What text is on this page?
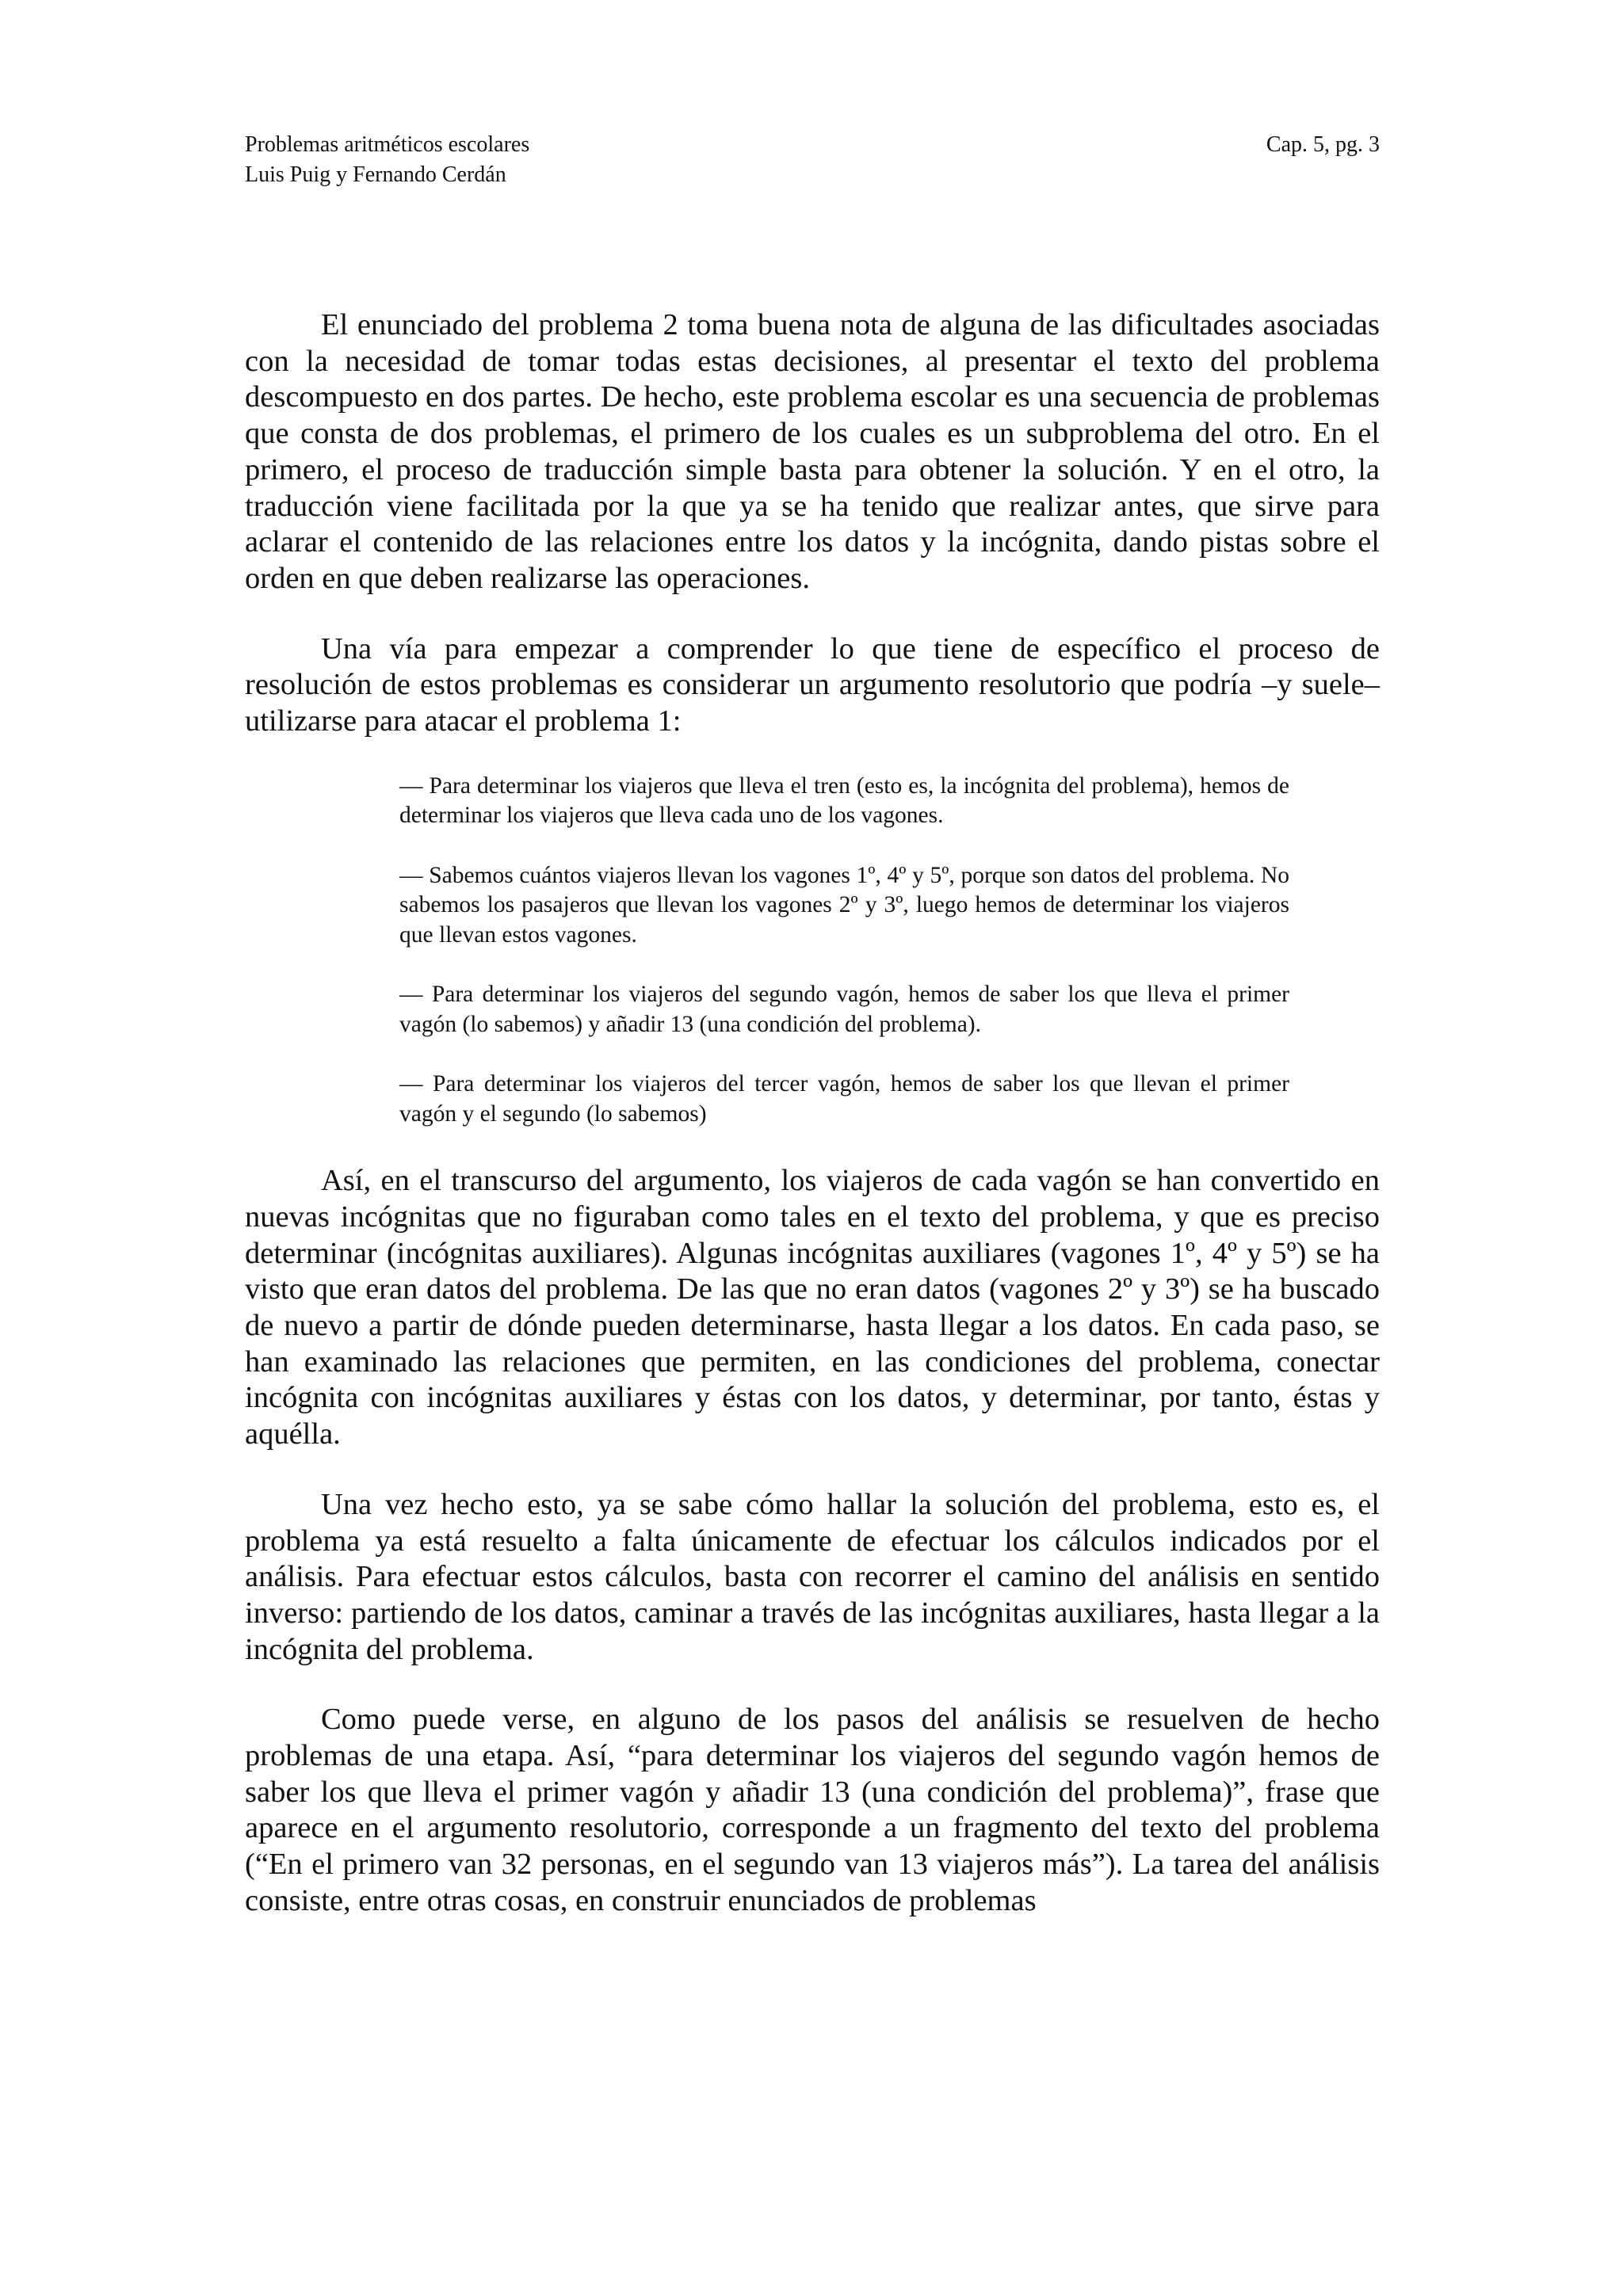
Problemas aritméticos escolares
Luis Puig y Fernando Cerdán
Cap. 5, pg. 3

El enunciado del problema 2 toma buena nota de alguna de las dificultades asociadas con la necesidad de tomar todas estas decisiones, al presentar el texto del problema descompuesto en dos partes. De hecho, este problema escolar es una secuencia de problemas que consta de dos problemas, el primero de los cuales es un subproblema del otro. En el primero, el proceso de traducción simple basta para obtener la solución. Y en el otro, la traducción viene facilitada por la que ya se ha tenido que realizar antes, que sirve para aclarar el contenido de las relaciones entre los datos y la incógnita, dando pistas sobre el orden en que deben realizarse las operaciones.

Una vía para empezar a comprender lo que tiene de específico el proceso de resolución de estos problemas es considerar un argumento resolutorio que podría –y suele– utilizarse para atacar el problema 1:

— Para determinar los viajeros que lleva el tren (esto es, la incógnita del problema), hemos de determinar los viajeros que lleva cada uno de los vagones.

— Sabemos cuántos viajeros llevan los vagones 1º, 4º y 5º, porque son datos del problema. No sabemos los pasajeros que llevan los vagones 2º y 3º, luego hemos de determinar los viajeros que llevan estos vagones.

— Para determinar los viajeros del segundo vagón, hemos de saber los que lleva el primer vagón (lo sabemos) y añadir 13 (una condición del problema).

— Para determinar los viajeros del tercer vagón, hemos de saber los que llevan el primer vagón y el segundo (lo sabemos)

Así, en el transcurso del argumento, los viajeros de cada vagón se han convertido en nuevas incógnitas que no figuraban como tales en el texto del problema, y que es preciso determinar (incógnitas auxiliares). Algunas incógnitas auxiliares (vagones 1º, 4º y 5º) se ha visto que eran datos del problema. De las que no eran datos (vagones 2º y 3º) se ha buscado de nuevo a partir de dónde pueden determinarse, hasta llegar a los datos. En cada paso, se han examinado las relaciones que permiten, en las condiciones del problema, conectar incógnita con incógnitas auxiliares y éstas con los datos, y determinar, por tanto, éstas y aquélla.

Una vez hecho esto, ya se sabe cómo hallar la solución del problema, esto es, el problema ya está resuelto a falta únicamente de efectuar los cálculos indicados por el análisis. Para efectuar estos cálculos, basta con recorrer el camino del análisis en sentido inverso: partiendo de los datos, caminar a través de las incógnitas auxiliares, hasta llegar a la incógnita del problema.

Como puede verse, en alguno de los pasos del análisis se resuelven de hecho problemas de una etapa. Así, “para determinar los viajeros del segundo vagón hemos de saber los que lleva el primer vagón y añadir 13 (una condición del problema)”, frase que aparece en el argumento resolutorio, corresponde a un fragmento del texto del problema (“En el primero van 32 personas, en el segundo van 13 viajeros más”). La tarea del análisis consiste, entre otras cosas, en construir enunciados de problemas
